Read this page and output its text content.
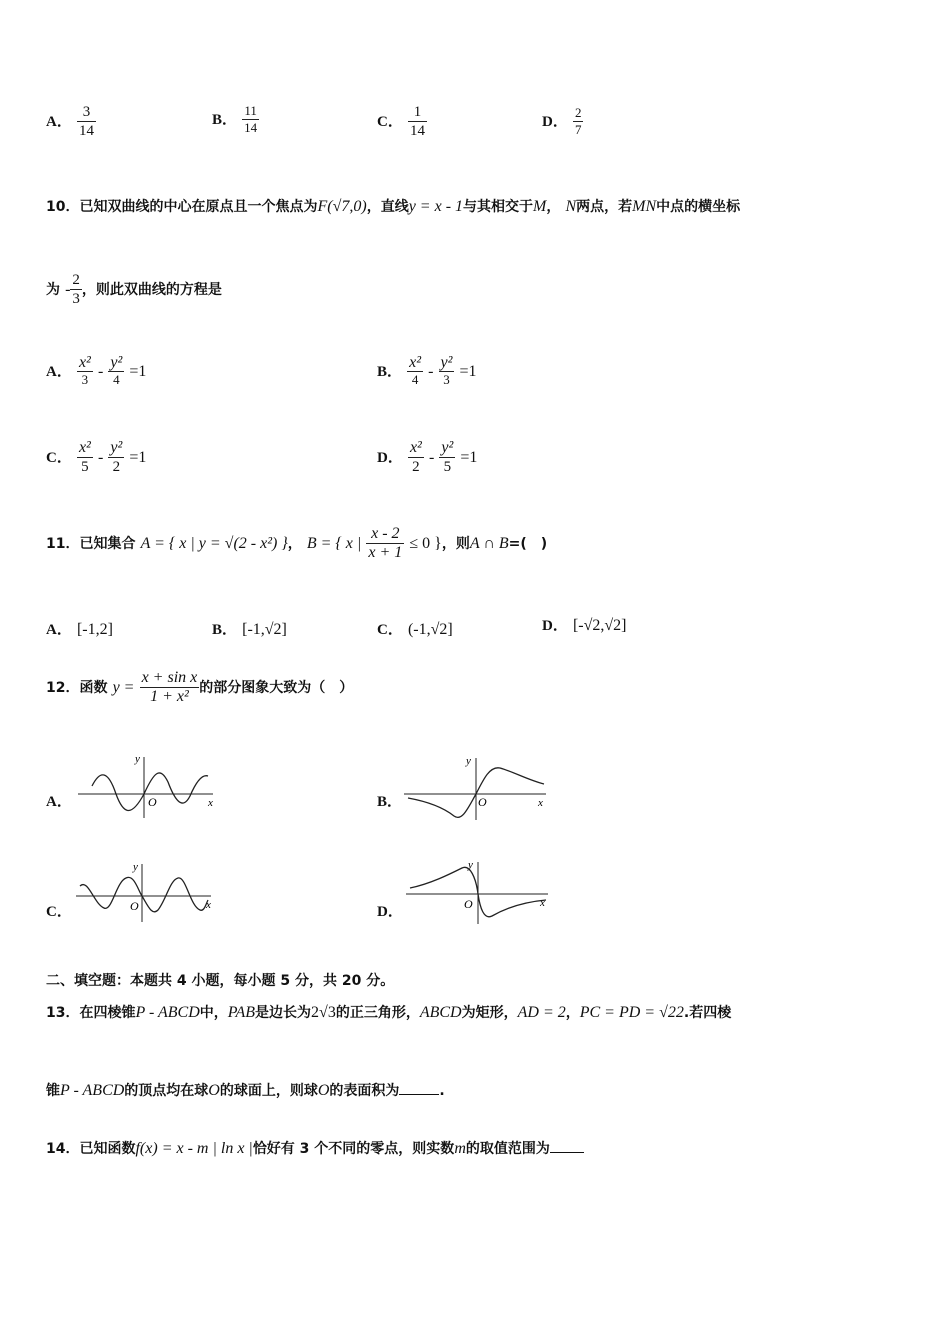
A． $\frac{3}{14}$	B． $\frac{11}{14}$	C． $\frac{1}{14}$	D． $\frac{2}{7}$
10．已知双曲线的中心在原点且一个焦点为F(√7,0)，直线y = x - 1与其相交于M， N两点，若MN中点的横坐标
为 - $\frac{2}{3}$ ，则此双曲线的方程是
A． $\frac{\text{x²}}{3} - \frac{\text{y²}}{4} =1$	B． $\frac{\text{x²}}{4} - \frac{\text{y²}}{3} =1$
C． $\frac{\text{x²}}{5} - \frac{\text{y²}}{2} =1$	D． $\frac{\text{x²}}{2} - \frac{\text{y²}}{5} =1$
11．已知集合 A = { x | y = √(2 - x²) }， B = { x | $\frac{x - 2}{x + 1} \le 0$ }，则A ∩ B=(　)
A． [-1,2]	B． [-1,√2]	C． (-1,√2]	D． [-√2,√2]
12．函数 $y = \frac{\text{x + sin x}}{\text{1 + x²}}$ 的部分图象大致为（　）
A．	B．
C．	D．
y
x
O
y
x
O
y
x
O
y
x
O
二、填空题：本题共 4 小题，每小题 5 分，共 20 分。
13．在四棱锥P - ABCD中，PAB是边长为2√3的正三角形，ABCD为矩形，AD = 2，PC = PD = √22.若四棱
锥P - ABCD的顶点均在球O的球面上，则球O的表面积为	.
14．已知函数f(x) = x - m | ln x |恰好有 3 个不同的零点，则实数m的取值范围为
